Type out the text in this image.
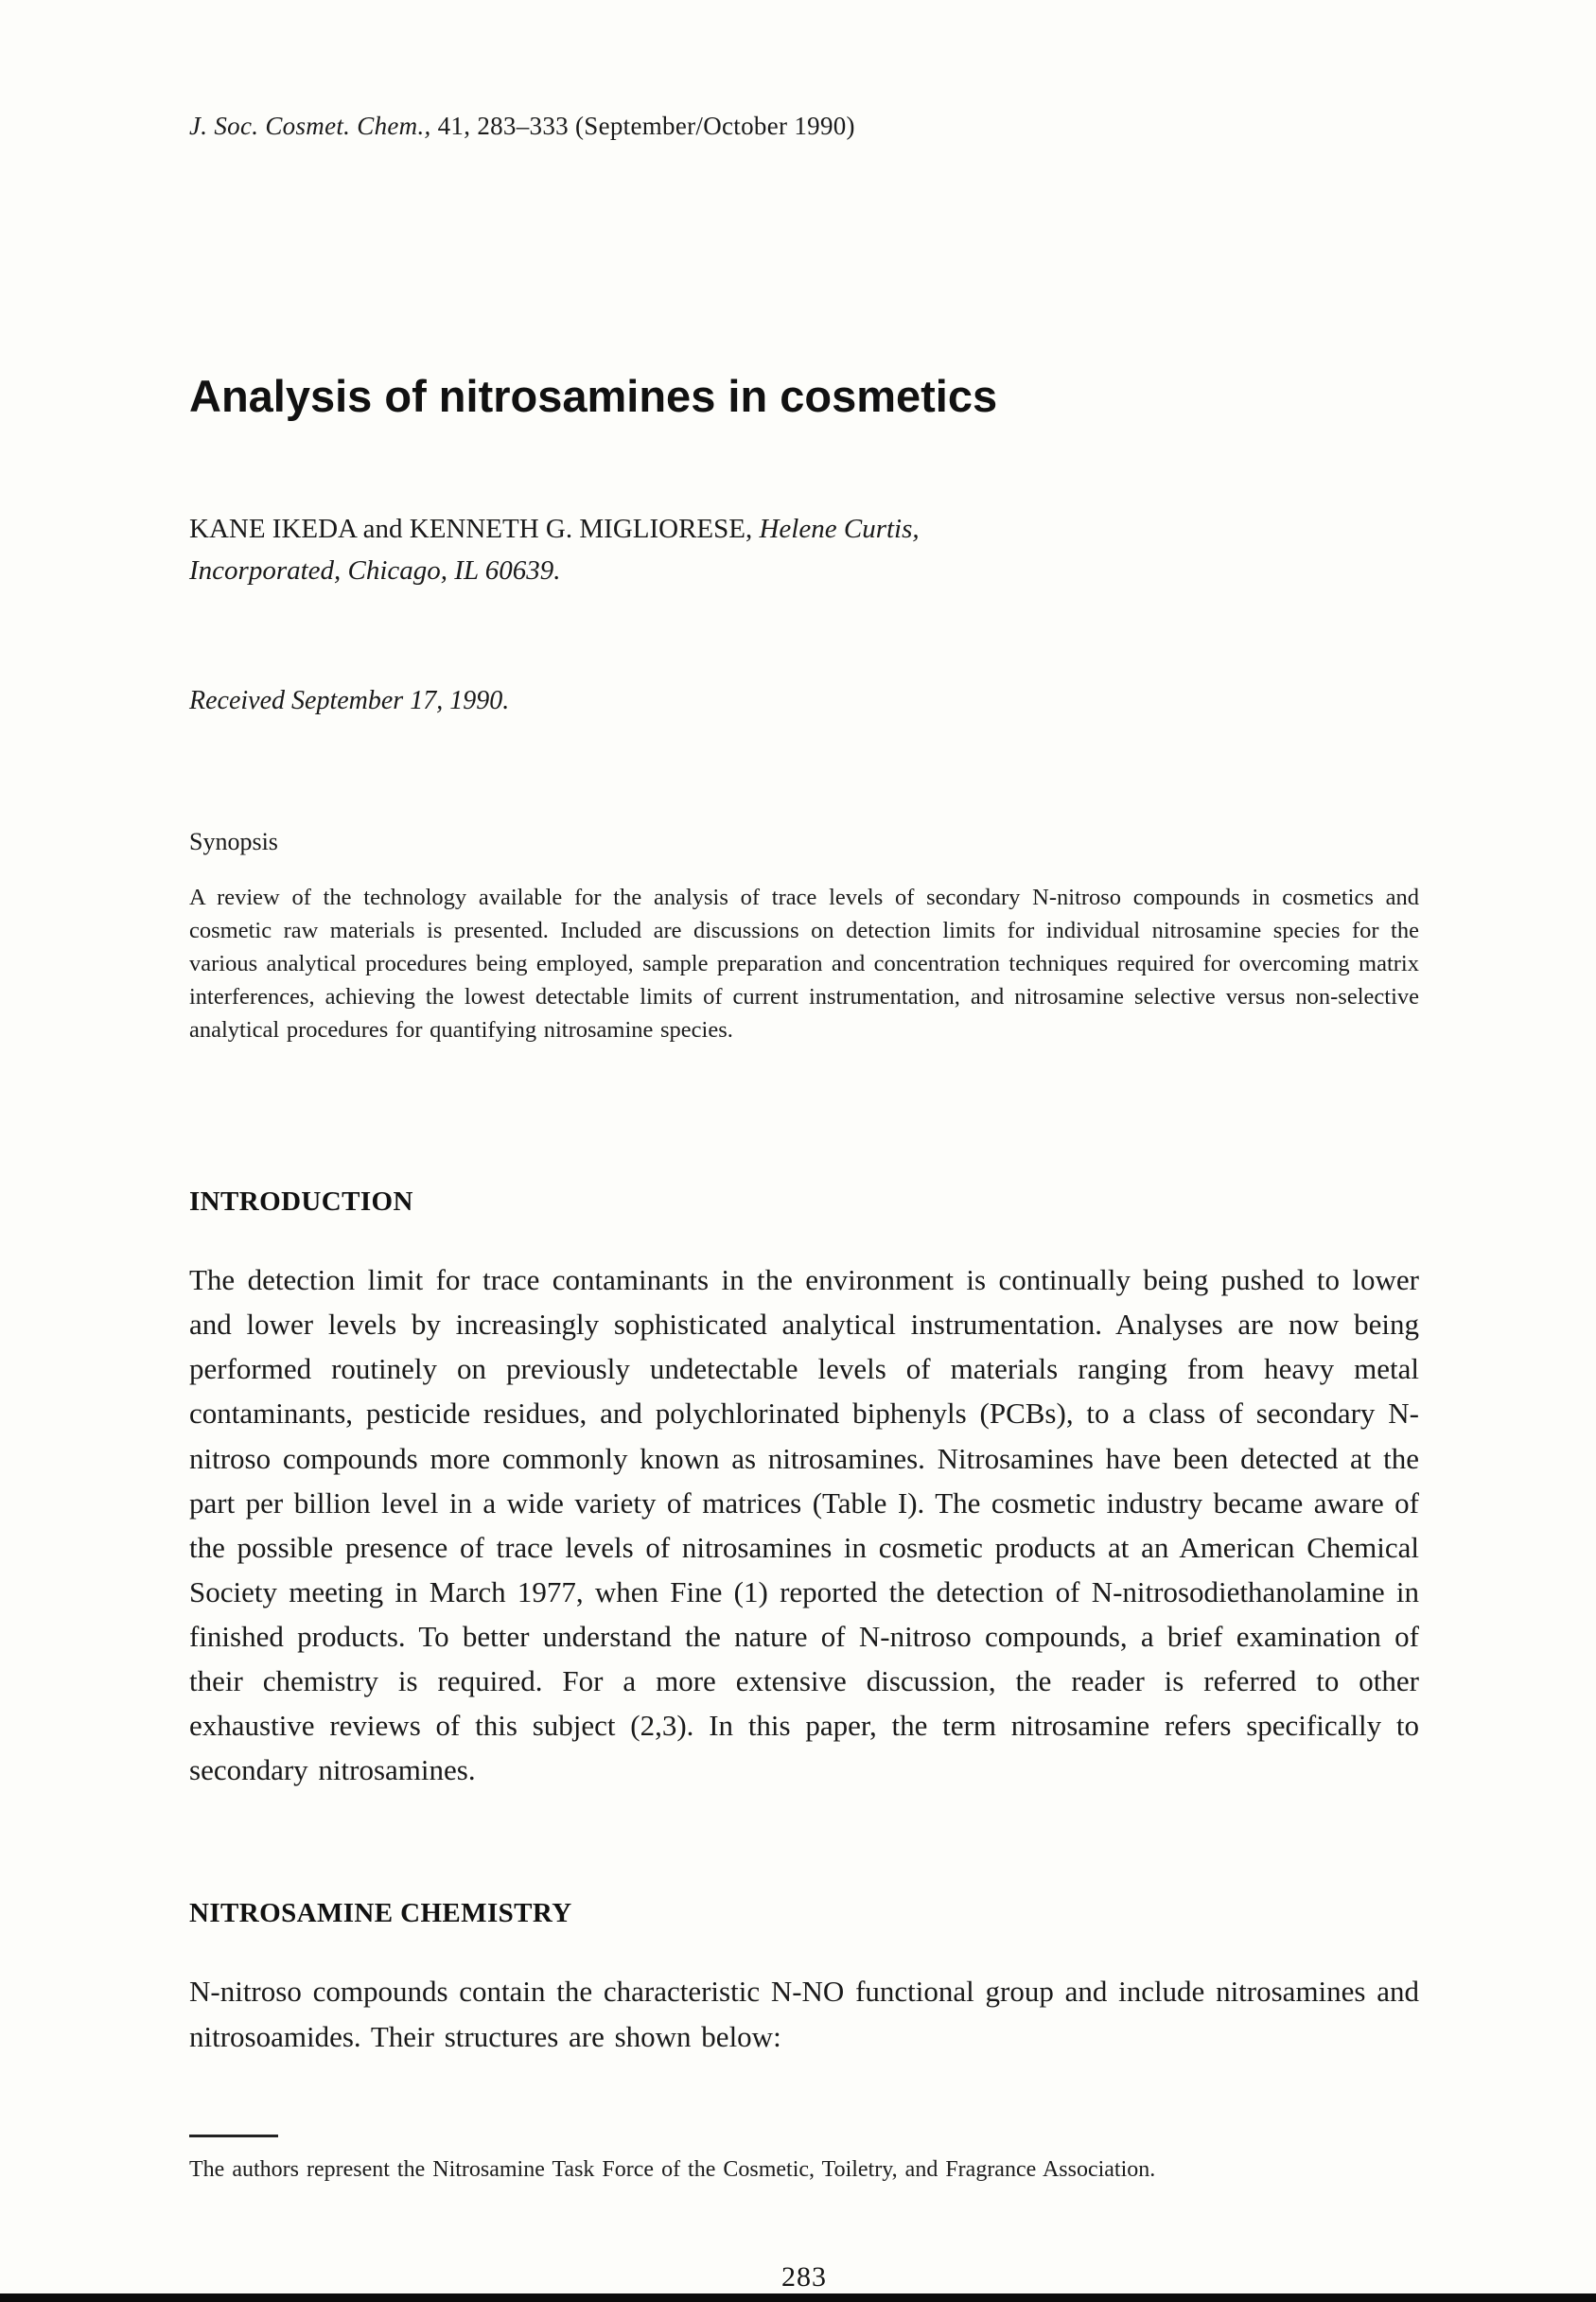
J. Soc. Cosmet. Chem., 41, 283–333 (September/October 1990)
Analysis of nitrosamines in cosmetics

KANE IKEDA and KENNETH G. MIGLIORESE, Helene Curtis,
Incorporated, Chicago, IL 60639.

Received September 17, 1990.

Synopsis

A review of the technology available for the analysis of trace levels of secondary N-nitroso compounds in cosmetics and cosmetic raw materials is presented. Included are discussions on detection limits for individual nitrosamine species for the various analytical procedures being employed, sample preparation and concentration techniques required for overcoming matrix interferences, achieving the lowest detectable limits of current instrumentation, and nitrosamine selective versus non-selective analytical procedures for quantifying nitrosamine species.

INTRODUCTION

The detection limit for trace contaminants in the environment is continually being pushed to lower and lower levels by increasingly sophisticated analytical instrumentation. Analyses are now being performed routinely on previously undetectable levels of materials ranging from heavy metal contaminants, pesticide residues, and polychlorinated biphenyls (PCBs), to a class of secondary N-nitroso compounds more commonly known as nitrosamines. Nitrosamines have been detected at the part per billion level in a wide variety of matrices (Table I). The cosmetic industry became aware of the possible presence of trace levels of nitrosamines in cosmetic products at an American Chemical Society meeting in March 1977, when Fine (1) reported the detection of N-nitrosodiethanolamine in finished products. To better understand the nature of N-nitroso compounds, a brief examination of their chemistry is required. For a more extensive discussion, the reader is referred to other exhaustive reviews of this subject (2,3). In this paper, the term nitrosamine refers specifically to secondary nitrosamines.

NITROSAMINE CHEMISTRY

N-nitroso compounds contain the characteristic N-NO functional group and include nitrosamines and nitrosoamides. Their structures are shown below:

The authors represent the Nitrosamine Task Force of the Cosmetic, Toiletry, and Fragrance Association.

283
